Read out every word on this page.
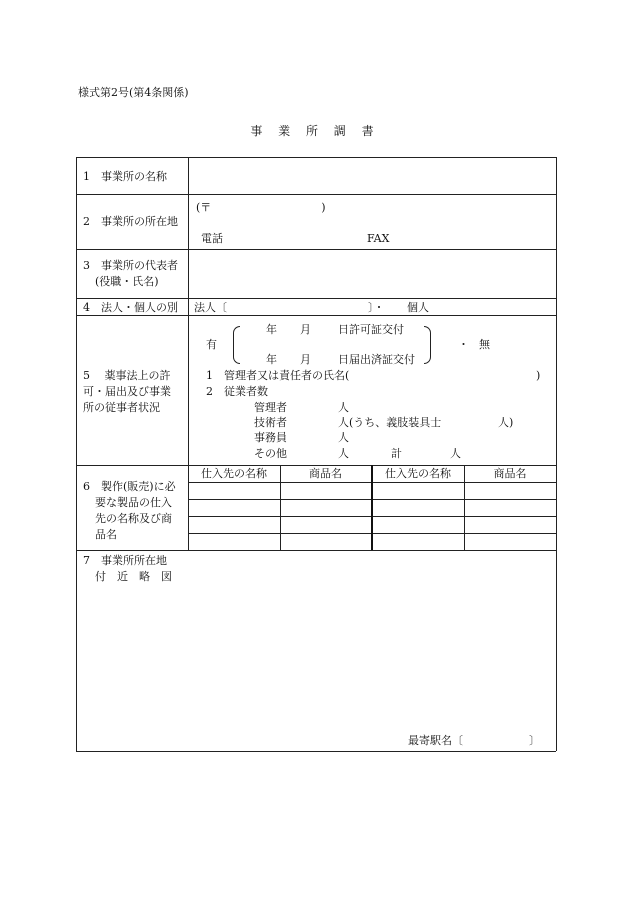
様式第2号(第4条関係)
事 業 所 調 書
1　事業所の名称
2　事業所の所在地
(〒　　　　　　　　　　)
電話	FAX
3　事業所の代表者
(役職・氏名)
4　法人・個人の別 法人〔	〕・ 個人
5　 薬事法上の許
可・届出及び事業
所の従事者状況
有
年 月 日許可証交付
年 月 日届出済証交付
・ 無
1　管理者又は責任者の氏名(	)
2　従業者数
管理者	人
技術者	人(うち、義肢装具士	人)
事務員	人
その他	人	計	人
6　製作(販売)に必
要な製品の仕入
先の名称及び商
品名
仕入先の名称	商品名	仕入先の名称	商品名
7　事業所所在地
付　近　略　図
最寄駅名〔　　　　　　〕
